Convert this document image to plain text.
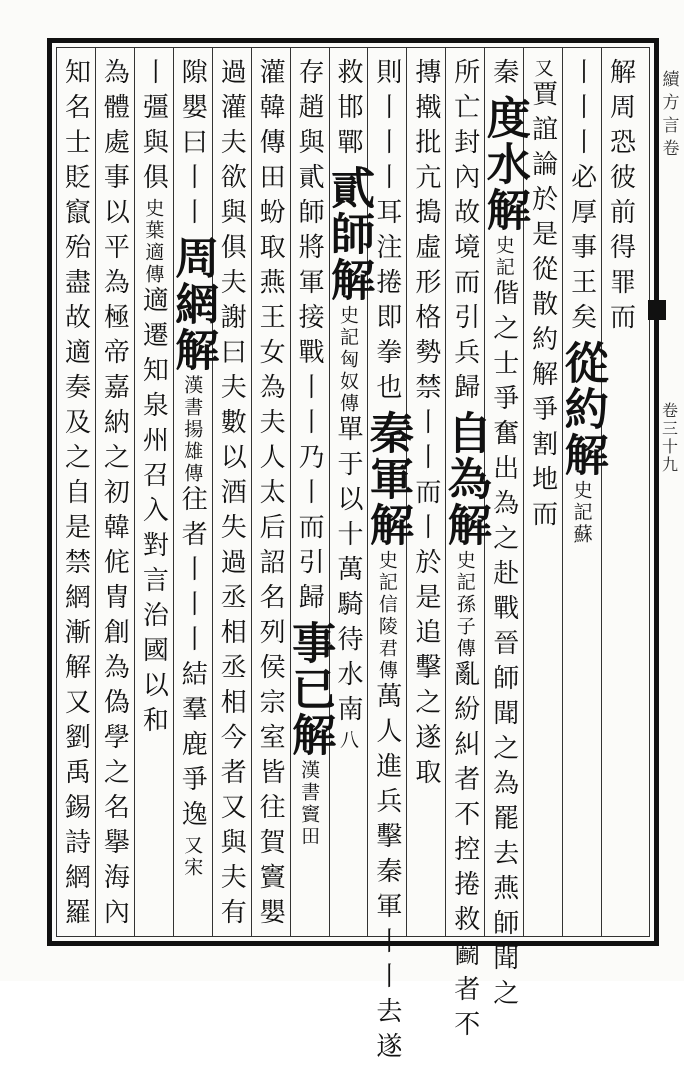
續方言卷
卷三十九
解周恐彼前得罪而
丨丨丨必厚事王矣
從約解
史記蘇
又
賈誼論於是從散約解爭割地而
秦
度水解
史記
偕之士爭奮出為之赴戰晉師聞之為罷去燕師聞之
所亡封內故境而引兵歸
自為解
史記孫子傳
亂紛糾者不控捲救鬬者不
摶撠批亢搗虛形格勢禁
丨丨而丨於是追擊之遂取
則丨丨丨耳注捲即拳也
秦軍解
史記信陵君傳
萬人進兵擊秦軍丨丨去遂
救邯鄲
貳師解
史記匈奴傳
單于以十萬騎待水南
八
存趙
與貳師將軍接戰丨丨乃丨而引歸
事已解
漢書竇田
灌韓傳田蚡取燕王女為夫人太后詔名列侯宗室皆往賀竇嬰
過灌夫欲與俱夫謝曰夫數以酒失過丞相丞相今者又與夫有
隙嬰曰丨丨
周網解
漢書揚雄傳
往者丨丨丨結羣鹿爭逸
又宋
丨彊與俱
史葉適傳
適遷知泉州召入對言治國以和
為體處事以平為極帝嘉納之初韓侂冑創為偽學之名擧海內
知名士貶竄殆盡故適奏及之自是禁網漸解又劉禹錫詩網羅
